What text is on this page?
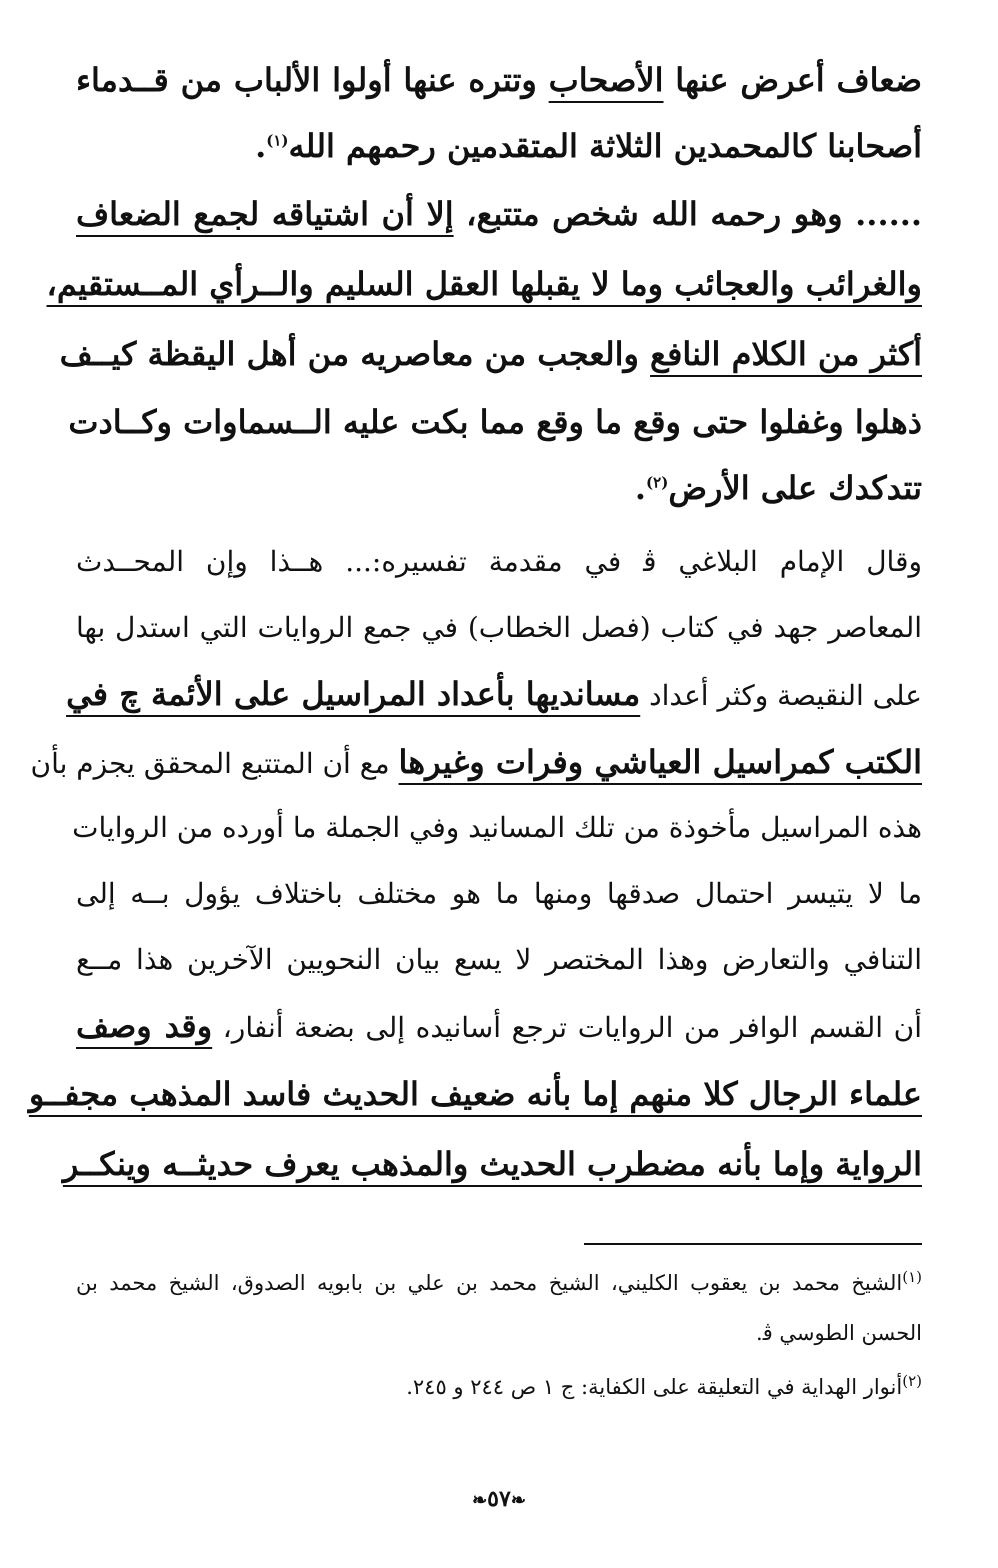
ضعاف أعرض عنها الأصحاب وتتره عنها أولوا الألباب من قــدماء
أصحابنا كالمحمدين الثلاثة المتقدمين رحمهم الله$^{(١)}$.
...... وهو رحمه الله شخص متتبع، إلا أن اشتياقه لجمع الضعاف
والغرائب والعجائب وما لا يقبلها العقل السليم والــرأي المــستقيم،
أكثر من الكلام النافع والعجب من معاصريه من أهل اليقظة كيــف
ذهلوا وغفلوا حتى وقع ما وقع مما بكت عليه الــسماوات وكــادت
تتدكدك على الأرض$^{(٢)}$.
وقال الإمام البلاغي ﭬ في مقدمة تفسيره:... هــذا وإن المحــدث
المعاصر جهد في كتاب (فصل الخطاب) في جمع الروايات التي استدل بها
على النقيصة وكثر أعداد مسانديها بأعداد المراسيل على الأئمة ﭺ في
الكتب كمراسيل العياشي وفرات وغيرها مع أن المتتبع المحقق يجزم بأن
هذه المراسيل مأخوذة من تلك المسانيد وفي الجملة ما أورده من الروايات
ما لا يتيسر احتمال صدقها ومنها ما هو مختلف باختلاف يؤول بــه إلى
التنافي والتعارض وهذا المختصر لا يسع بيان النحويين الآخرين هذا مــع
أن القسم الوافر من الروايات ترجع أسانيده إلى بضعة أنفار، وقد وصف
علماء الرجال كلا منهم إما بأنه ضعيف الحديث فاسد المذهب مجفــو
الرواية وإما بأنه مضطرب الحديث والمذهب يعرف حديثــه وينكــر
$^{(١)}$الشيخ محمد بن يعقوب الكليني، الشيخ محمد بن علي بن بابويه الصدوق، الشيخ محمد بن
الحسن الطوسي ﭬ.
$^{(٢)}$أنوار الهداية في التعليقة على الكفاية: ج ١ ص ٢٤٤ و ٢٤٥.
❧٥٧❧
